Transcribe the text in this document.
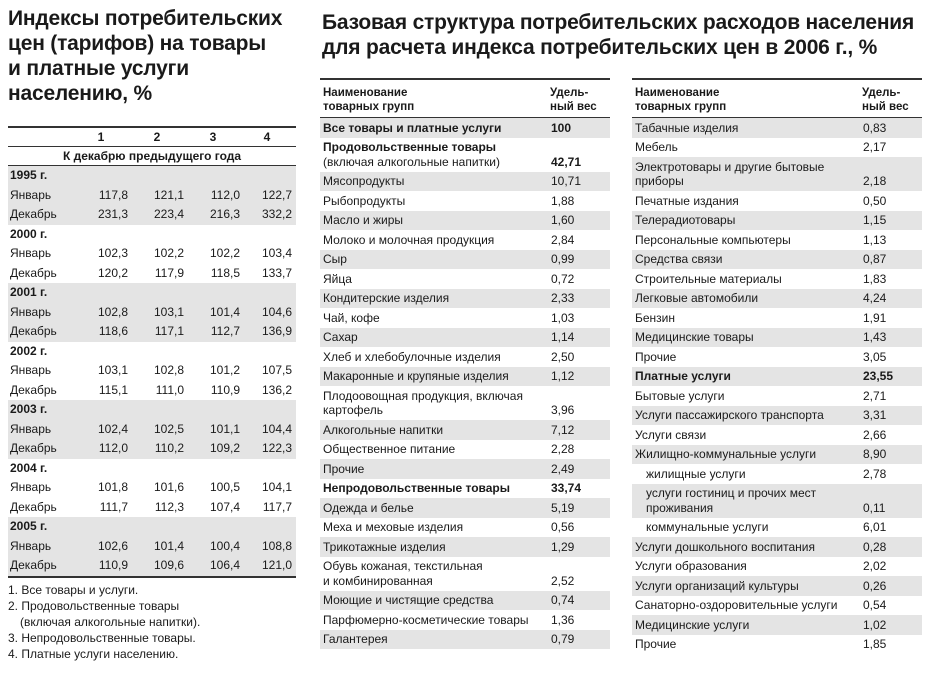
Индексы потребительских
цен (тарифов) на товары
и платные услуги
населению, %
Базовая структура потребительских расходов населения
для расчета индекса потребительских цен в 2006 г., %
1	2	3	4
К декабрю предыдущего года
1995 г.
Январь	117,8	121,1	112,0	122,7
Декабрь	231,3	223,4	216,3	332,2
2000 г.
Январь	102,3	102,2	102,2	103,4
Декабрь	120,2	117,9	118,5	133,7
2001 г.
Январь	102,8	103,1	101,4	104,6
Декабрь	118,6	117,1	112,7	136,9
2002 г.
Январь	103,1	102,8	101,2	107,5
Декабрь	115,1	111,0	110,9	136,2
2003 г.
Январь	102,4	102,5	101,1	104,4
Декабрь	112,0	110,2	109,2	122,3
2004 г.
Январь	101,8	101,6	100,5	104,1
Декабрь	111,7	112,3	107,4	117,7
2005 г.
Январь	102,6	101,4	100,4	108,8
Декабрь	110,9	109,6	106,4	121,0
1. Все товары и услуги.
2. Продовольственные товары
(включая алкогольные напитки).
3. Непродовольственные товары.
4. Платные услуги населению.
Наименование
товарных групп
Удель-
ный вес
Все товары и платные услуги	100
Продовольственные товары
(включая алкогольные напитки)	42,71
Мясопродукты	10,71
Рыбопродукты	1,88
Масло и жиры	1,60
Молоко и молочная продукция	2,84
Сыр	0,99
Яйца	0,72
Кондитерские изделия	2,33
Чай, кофе	1,03
Сахар	1,14
Хлеб и хлебобулочные изделия	2,50
Макаронные и крупяные изделия	1,12
Плодоовощная продукция, включая
картофель	3,96
Алкогольные напитки	7,12
Общественное питание	2,28
Прочие	2,49
Непродовольственные товары	33,74
Одежда и белье	5,19
Меха и меховые изделия	0,56
Трикотажные изделия	1,29
Обувь кожаная, текстильная
и комбинированная	2,52
Моющие и чистящие средства	0,74
Парфюмерно-косметические товары	1,36
Галантерея	0,79
Наименование
товарных групп
Удель-
ный вес
Табачные изделия	0,83
Мебель	2,17
Электротовары и другие бытовые
приборы	2,18
Печатные издания	0,50
Телерадиотовары	1,15
Персональные компьютеры	1,13
Средства связи	0,87
Строительные материалы	1,83
Легковые автомобили	4,24
Бензин	1,91
Медицинские товары	1,43
Прочие	3,05
Платные услуги	23,55
Бытовые услуги	2,71
Услуги пассажирского транспорта	3,31
Услуги связи	2,66
Жилищно-коммунальные услуги	8,90
жилищные услуги	2,78
услуги гостиниц и прочих мест
проживания	0,11
коммунальные услуги	6,01
Услуги дошкольного воспитания	0,28
Услуги образования	2,02
Услуги организаций культуры	0,26
Санаторно-оздоровительные услуги	0,54
Медицинские услуги	1,02
Прочие	1,85
